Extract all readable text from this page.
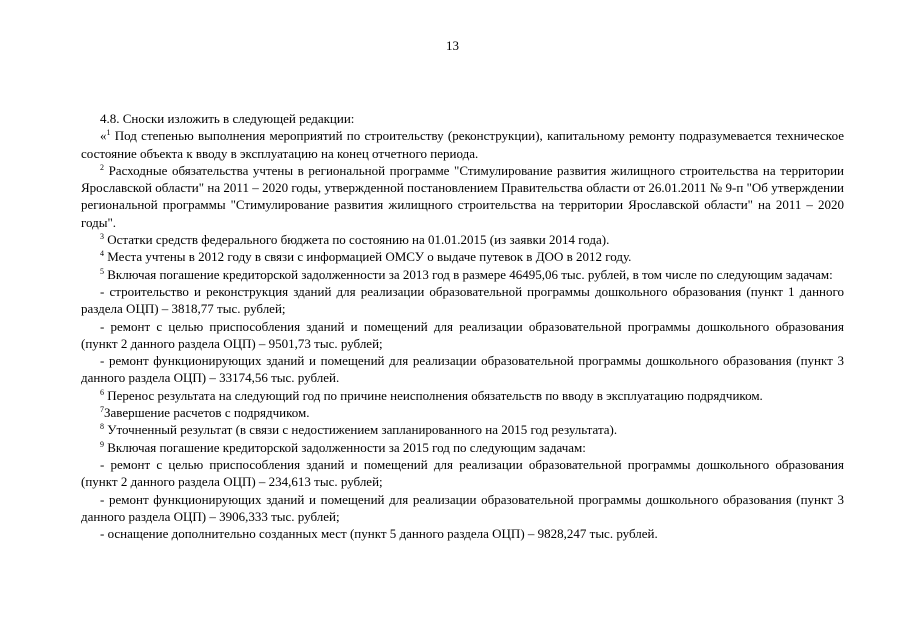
13

4.8. Сноски изложить в следующей редакции:

«$^1$ Под степенью выполнения мероприятий по строительству (реконструкции), капитальному ремонту подразумевается техническое состояние объекта к вводу в эксплуатацию на конец отчетного периода.

$^2$ Расходные обязательства учтены в региональной программе "Стимулирование развития жилищного строительства на территории Ярославской области" на 2011 – 2020 годы, утвержденной постановлением Правительства области от 26.01.2011 № 9-п "Об утверждении региональной программы "Стимулирование развития жилищного строительства на территории Ярославской области" на 2011 – 2020 годы".

$^3$ Остатки средств федерального бюджета по состоянию на 01.01.2015 (из заявки 2014 года).

$^4$ Места учтены в 2012 году в связи с информацией ОМСУ о выдаче путевок в ДОО в 2012 году.

$^5$ Включая погашение кредиторской задолженности за 2013 год в размере 46495,06 тыс. рублей, в том числе по следующим задачам:

- строительство и реконструкция зданий для реализации образовательной программы дошкольного образования (пункт 1 данного раздела ОЦП) – 3818,77 тыс. рублей;

- ремонт с целью приспособления зданий и помещений для реализации образовательной программы дошкольного образования (пункт 2 данного раздела ОЦП) – 9501,73 тыс. рублей;

- ремонт функционирующих зданий и помещений для реализации образовательной программы дошкольного образования (пункт 3 данного раздела ОЦП) – 33174,56 тыс. рублей.

$^6$ Перенос результата на следующий год по причине неисполнения обязательств по вводу в эксплуатацию подрядчиком.

$^7$Завершение расчетов с подрядчиком.

$^8$ Уточненный результат (в связи с недостижением запланированного на 2015 год результата).

$^9$ Включая погашение кредиторской задолженности за 2015 год по следующим задачам:

- ремонт с целью приспособления зданий и помещений для реализации образовательной программы дошкольного образования (пункт 2 данного раздела ОЦП) – 234,613 тыс. рублей;

- ремонт функционирующих зданий и помещений для реализации образовательной программы дошкольного образования (пункт 3 данного раздела ОЦП) – 3906,333 тыс. рублей;

- оснащение дополнительно созданных мест (пункт 5 данного раздела ОЦП) – 9828,247 тыс. рублей.
